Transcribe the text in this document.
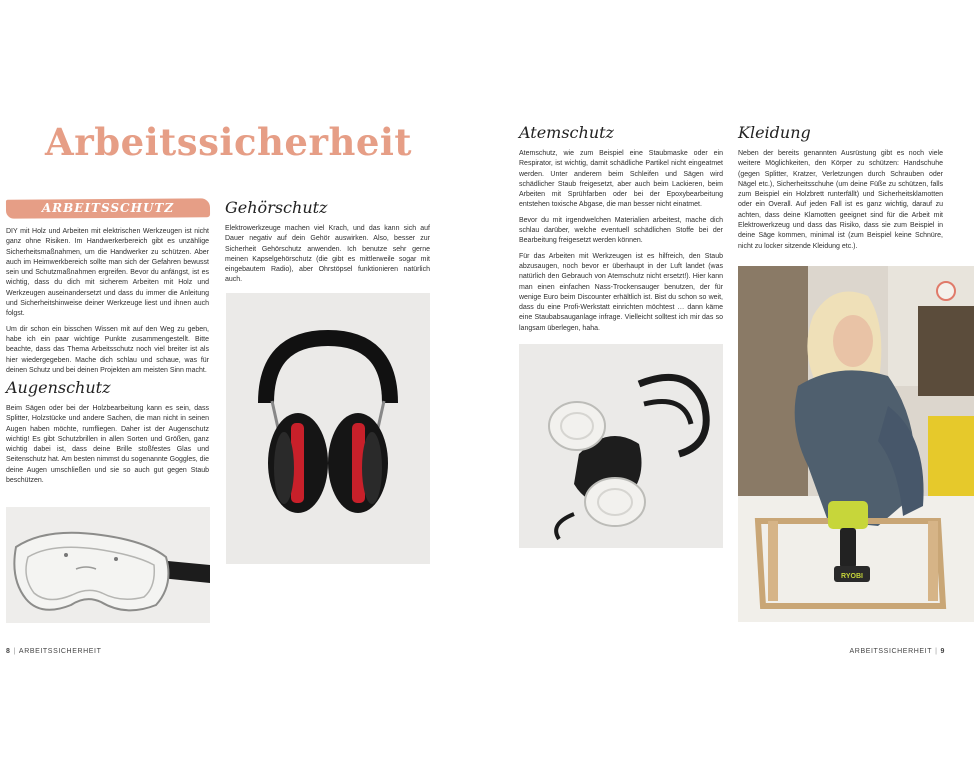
Arbeitssicherheit
ARBEITSSCHUTZ

DIY mit Holz und Arbeiten mit elektrischen Werkzeugen ist nicht ganz ohne Risiken. Im Handwerkerbereich gibt es unzählige Sicherheitsmaßnahmen, um die Handwerker zu schützen. Aber auch im Heimwerkbereich sollte man sich der Gefahren bewusst sein und Schutzmaßnahmen ergreifen. Bevor du anfängst, ist es wichtig, dass du dich mit sicherem Arbeiten mit Holz und Werkzeugen auseinandersetzt und dass du immer die Anleitung und Sicherheitshinweise deiner Werkzeuge liest und ihnen auch folgst.

Um dir schon ein bisschen Wissen mit auf den Weg zu geben, habe ich ein paar wichtige Punkte zusammengestellt. Bitte beachte, dass das Thema Arbeitsschutz noch viel breiter ist als hier wiedergegeben. Mache dich schlau und schaue, was für deinen Schutz und bei deinen Projekten am meisten Sinn macht.

Augenschutz

Beim Sägen oder bei der Holzbearbeitung kann es sein, dass Splitter, Holzstücke und andere Sachen, die man nicht in seinen Augen haben möchte, rumfliegen. Daher ist der Augenschutz wichtig! Es gibt Schutzbrillen in allen Sorten und Größen, ganz wichtig dabei ist, dass deine Brille stoßfestes Glas und Seitenschutz hat. Am besten nimmst du sogenannte Goggles, die deine Augen umschließen und sie so auch gut gegen Staub beschützen.

Gehörschutz

Elektrowerkzeuge machen viel Krach, und das kann sich auf Dauer negativ auf dein Gehör auswirken. Also, besser zur Sicherheit Gehörschutz anwenden. Ich benutze sehr gerne meinen Kapselgehörschutz (die gibt es mittlerweile sogar mit eingebautem Radio), aber Ohrstöpsel funktionieren natürlich auch.

8 | ARBEITSSICHERHEIT
Atemschutz

Atemschutz, wie zum Beispiel eine Staubmaske oder ein Respirator, ist wichtig, damit schädliche Partikel nicht eingeatmet werden. Unter anderem beim Schleifen und Sägen wird schädlicher Staub freigesetzt, aber auch beim Lackieren, beim Arbeiten mit Sprühfarben oder bei der Epoxybearbeitung entstehen toxische Abgase, die man besser nicht einatmet.

Bevor du mit irgendwelchen Materialien arbeitest, mache dich schlau darüber, welche eventuell schädlichen Stoffe bei der Bearbeitung freigesetzt werden können.

Für das Arbeiten mit Werkzeugen ist es hilfreich, den Staub abzusaugen, noch bevor er überhaupt in der Luft landet (was natürlich den Gebrauch von Atemschutz nicht ersetzt!). Hier kann man einen einfachen Nass-Trockensauger benutzen, der für wenige Euro beim Discounter erhältlich ist. Bist du schon so weit, dass du eine Profi-Werkstatt einrichten möchtest … dann käme eine Staubabsauganlage infrage. Vielleicht solltest ich mir das so langsam überlegen, haha.

Kleidung

Neben der bereits genannten Ausrüstung gibt es noch viele weitere Möglichkeiten, den Körper zu schützen: Handschuhe (gegen Splitter, Kratzer, Verletzungen durch Schrauben oder Nägel etc.), Sicherheitsschuhe (um deine Füße zu schützen, falls zum Beispiel ein Holzbrett runterfällt) und Sicherheitsklamotten oder ein Overall. Auf jeden Fall ist es ganz wichtig, darauf zu achten, dass deine Klamotten geeignet sind für die Arbeit mit Elektrowerkzeug und dass das Risiko, dass sie zum Beispiel in deine Säge kommen, minimal ist (zum Beispiel keine Schnüre, nicht zu locker sitzende Kleidung etc.).

RYOBI
ARBEITSSICHERHEIT | 9
